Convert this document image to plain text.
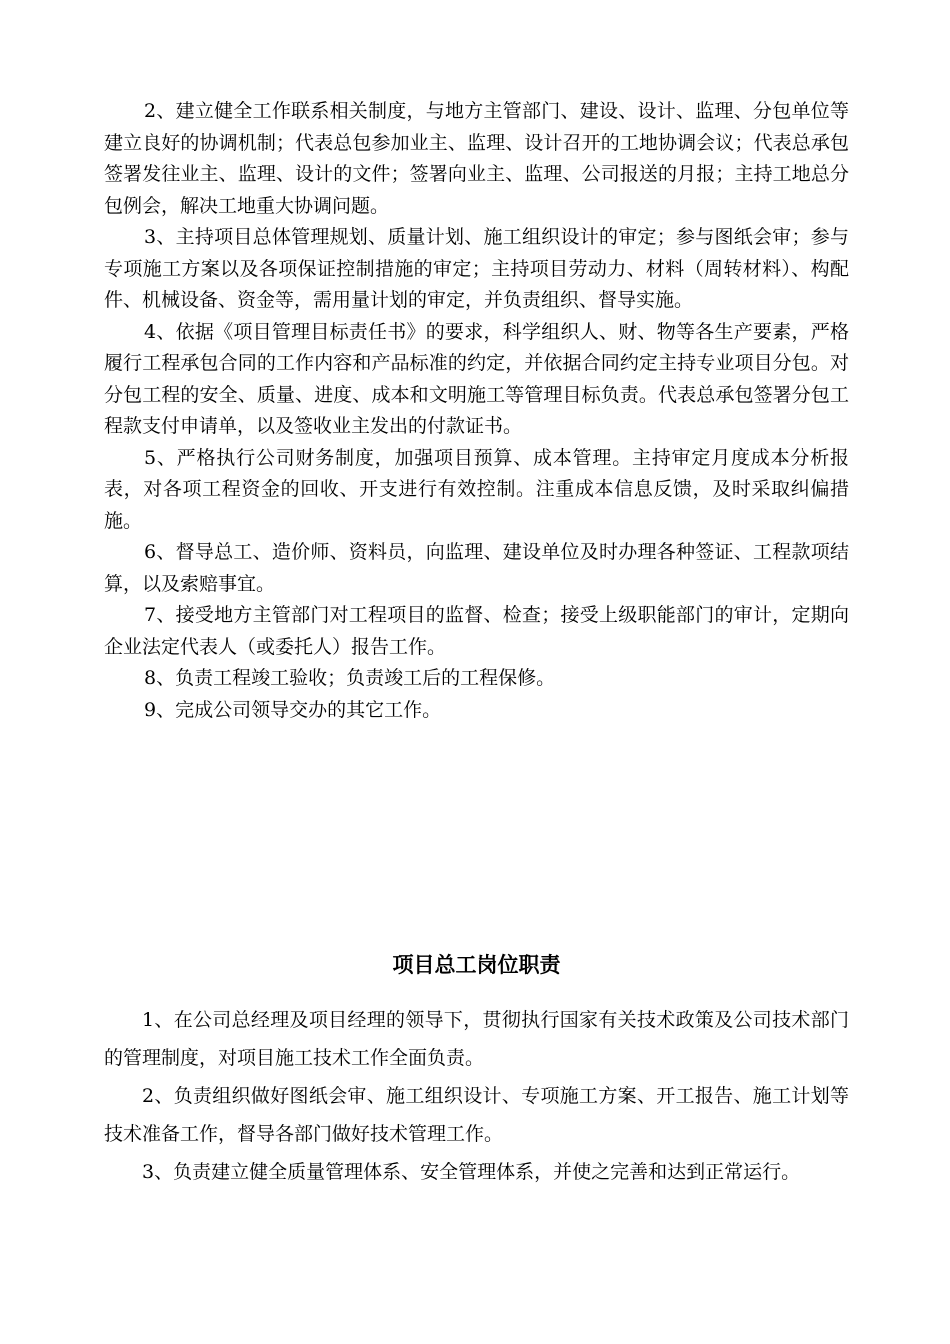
2、建立健全工作联系相关制度，与地方主管部门、建设、设计、监理、分包单位等建立良好的协调机制；代表总包参加业主、监理、设计召开的工地协调会议；代表总承包签署发往业主、监理、设计的文件；签署向业主、监理、公司报送的月报；主持工地总分包例会，解决工地重大协调问题。

3、主持项目总体管理规划、质量计划、施工组织设计的审定；参与图纸会审；参与专项施工方案以及各项保证控制措施的审定；主持项目劳动力、材料（周转材料）、构配件、机械设备、资金等，需用量计划的审定，并负责组织、督导实施。

4、依据《项目管理目标责任书》的要求，科学组织人、财、物等各生产要素，严格履行工程承包合同的工作内容和产品标准的约定，并依据合同约定主持专业项目分包。对分包工程的安全、质量、进度、成本和文明施工等管理目标负责。代表总承包签署分包工程款支付申请单，以及签收业主发出的付款证书。

5、严格执行公司财务制度，加强项目预算、成本管理。主持审定月度成本分析报表，对各项工程资金的回收、开支进行有效控制。注重成本信息反馈，及时采取纠偏措施。

6、督导总工、造价师、资料员，向监理、建设单位及时办理各种签证、工程款项结算，以及索赔事宜。

7、接受地方主管部门对工程项目的监督、检查；接受上级职能部门的审计，定期向企业法定代表人（或委托人）报告工作。

8、负责工程竣工验收；负责竣工后的工程保修。

9、完成公司领导交办的其它工作。

项目总工岗位职责

1、在公司总经理及项目经理的领导下，贯彻执行国家有关技术政策及公司技术部门的管理制度，对项目施工技术工作全面负责。

2、负责组织做好图纸会审、施工组织设计、专项施工方案、开工报告、施工计划等技术准备工作，督导各部门做好技术管理工作。

3、负责建立健全质量管理体系、安全管理体系，并使之完善和达到正常运行。
